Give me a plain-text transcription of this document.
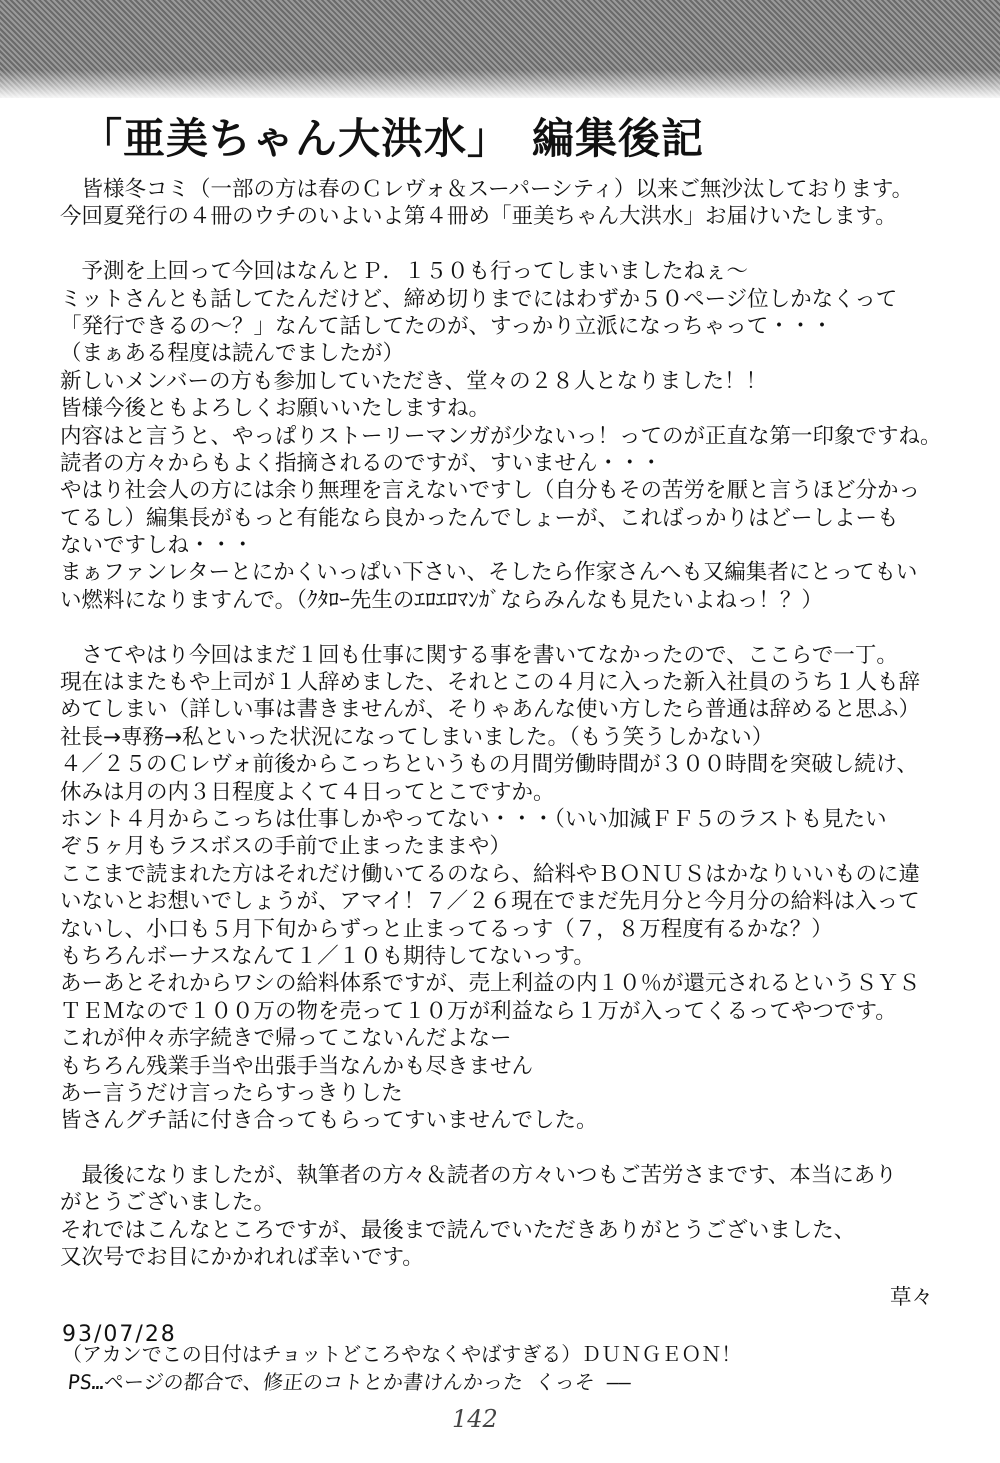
「亜美ちゃん大洪水」　編集後記
　皆様冬コミ（一部の方は春のＣレヴォ＆スーパーシティ）以来ご無沙汰しております。
今回夏発行の４冊のウチのいよいよ第４冊め「亜美ちゃん大洪水」お届けいたします。
　予測を上回って今回はなんとＰ．１５０も行ってしまいましたねぇ～
ミットさんとも話してたんだけど、締め切りまでにはわずか５０ページ位しかなくって
「発行できるの～？」なんて話してたのが、すっかり立派になっちゃって・・・
（まぁある程度は読んでましたが）
新しいメンバーの方も参加していただき、堂々の２８人となりました！！
皆様今後ともよろしくお願いいたしますね。
内容はと言うと、やっぱりストーリーマンガが少ないっ！ってのが正直な第一印象ですね。
読者の方々からもよく指摘されるのですが、すいません・・・
やはり社会人の方には余り無理を言えないですし（自分もその苦労を厭と言うほど分かっ
てるし）編集長がもっと有能なら良かったんでしょーが、こればっかりはどーしよーも
ないですしね・・・
まぁファンレターとにかくいっぱい下さい、そしたら作家さんへも又編集者にとってもい
い燃料になりますんで。（ｸﾀﾛｰ先生のｴﾛｴﾛﾏﾝｶﾞならみんなも見たいよねっ！？）
　さてやはり今回はまだ１回も仕事に関する事を書いてなかったので、ここらで一丁。
現在はまたもや上司が１人辞めました、それとこの４月に入った新入社員のうち１人も辞
めてしまい（詳しい事は書きませんが、そりゃあんな使い方したら普通は辞めると思ふ）
社長→専務→私といった状況になってしまいました。（もう笑うしかない）
４／２５のＣレヴォ前後からこっちというもの月間労働時間が３００時間を突破し続け、
休みは月の内３日程度よくて４日ってとこですか。
ホント４月からこっちは仕事しかやってない・・・（いい加減ＦＦ５のラストも見たい
ぞ５ヶ月もラスボスの手前で止まったままや）
ここまで読まれた方はそれだけ働いてるのなら、給料やＢＯＮＵＳはかなりいいものに違
いないとお想いでしょうが、アマイ！７／２６現在でまだ先月分と今月分の給料は入って
ないし、小口も５月下旬からずっと止まってるっす（７，８万程度有るかな？）
もちろんボーナスなんて１／１０も期待してないっす。
あーあとそれからワシの給料体系ですが、売上利益の内１０％が還元されるというＳＹＳ
ＴＥＭなので１００万の物を売って１０万が利益なら１万が入ってくるってやつです。
これが仲々赤字続きで帰ってこないんだよなー
もちろん残業手当や出張手当なんかも尽きません
あー言うだけ言ったらすっきりした
皆さんグチ話に付き合ってもらってすいませんでした。
　最後になりましたが、執筆者の方々＆読者の方々いつもご苦労さまです、本当にあり
がとうございました。
それではこんなところですが、最後まで読んでいただきありがとうございました、
又次号でお目にかかれれば幸いです。
草々
93/07/28
（アカンでこの日付はチョットどころやなくやばすぎる）ＤＵＮＧＥＯＮ！
PS…ページの都合で、修正のコトとか書けんかった くっそ ——
142
